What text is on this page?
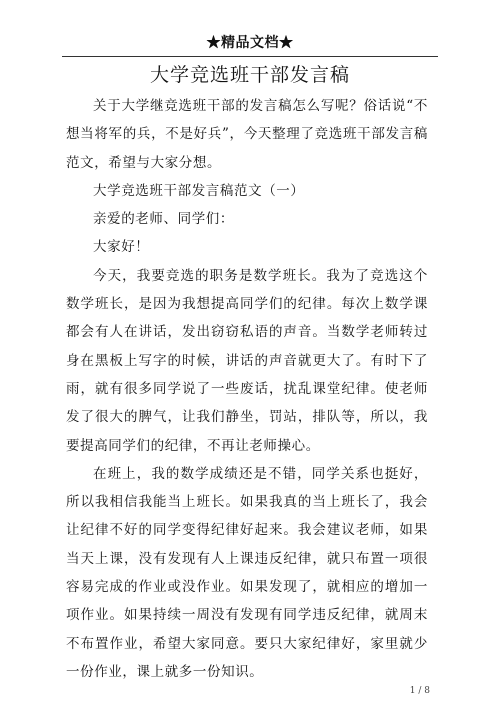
★精品文档★
大学竞选班干部发言稿

关于大学继竞选班干部的发言稿怎么写呢？俗话说“不想当将军的兵，不是好兵”，今天整理了竞选班干部发言稿范文，希望与大家分想。

大学竞选班干部发言稿范文（一）

亲爱的老师、同学们：

大家好！

今天，我要竞选的职务是数学班长。我为了竞选这个数学班长，是因为我想提高同学们的纪律。每次上数学课都会有人在讲话，发出窃窃私语的声音。当数学老师转过身在黑板上写字的时候，讲话的声音就更大了。有时下了雨，就有很多同学说了一些废话，扰乱课堂纪律。使老师发了很大的脾气，让我们静坐，罚站，排队等，所以，我要提高同学们的纪律，不再让老师操心。

在班上，我的数学成绩还是不错，同学关系也挺好，所以我相信我能当上班长。如果我真的当上班长了，我会让纪律不好的同学变得纪律好起来。我会建议老师，如果当天上课，没有发现有人上课违反纪律，就只布置一项很容易完成的作业或没作业。如果发现了，就相应的增加一项作业。如果持续一周没有发现有同学违反纪律，就周末不布置作业，希望大家同意。要只大家纪律好，家里就少一份作业，课上就多一份知识。

1 / 8
